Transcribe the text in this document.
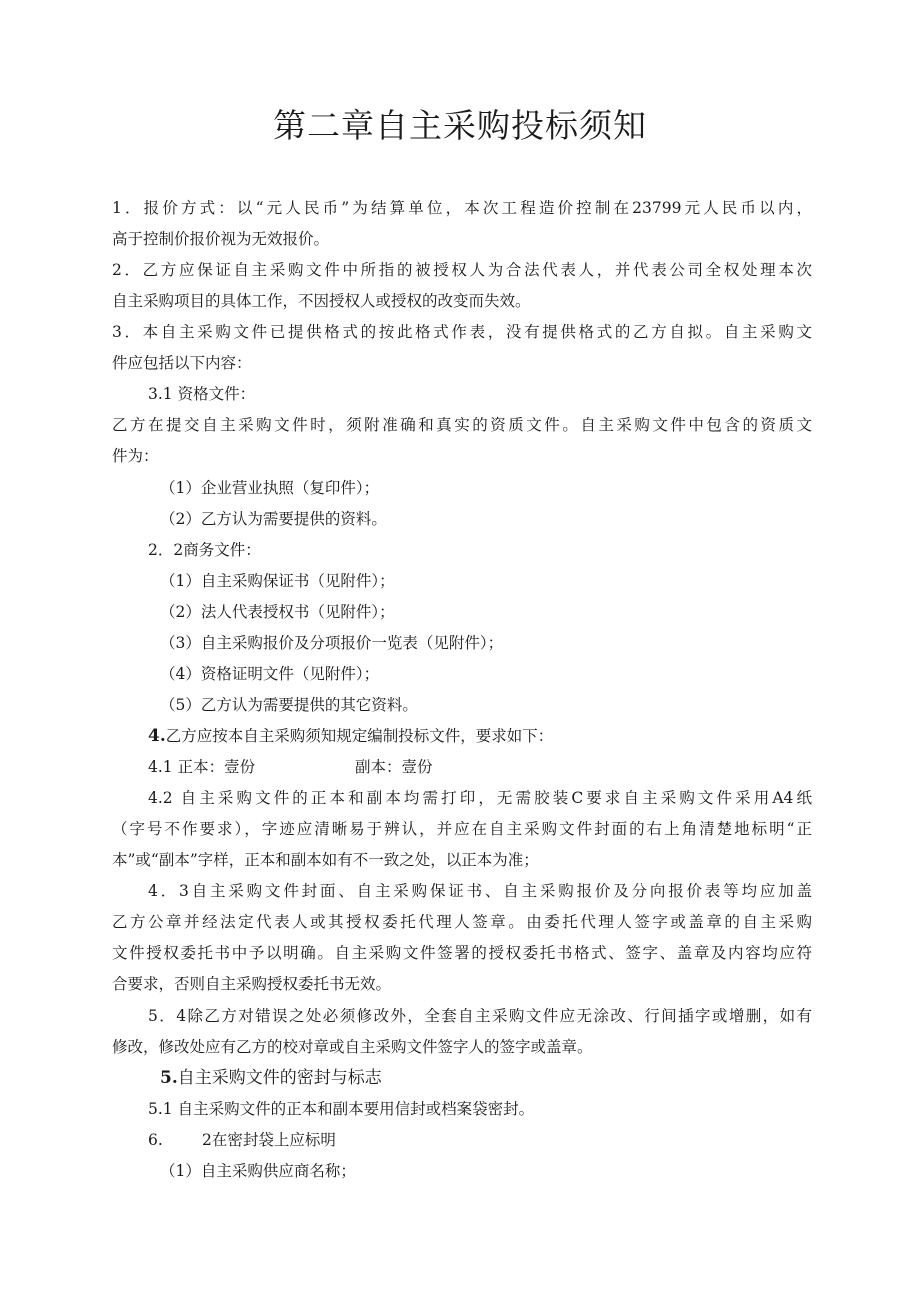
第二章自主采购投标须知
1．报价方式：以“元人民币”为结算单位，本次工程造价控制在23799元人民币以内，
高于控制价报价视为无效报价。
2．乙方应保证自主采购文件中所指的被授权人为合法代表人，并代表公司全权处理本次
自主采购项目的具体工作，不因授权人或授权的改变而失效。
3．本自主采购文件已提供格式的按此格式作表，没有提供格式的乙方自拟。自主采购文
件应包括以下内容：
3.1 资格文件：
乙方在提交自主采购文件时，须附准确和真实的资质文件。自主采购文件中包含的资质文
件为：
（1）企业营业执照（复印件）；
（2）乙方认为需要提供的资料。
2．2商务文件：
（1）自主采购保证书（见附件）；
（2）法人代表授权书（见附件）；
（3）自主采购报价及分项报价一览表（见附件）；
（4）资格证明文件（见附件）；
（5）乙方认为需要提供的其它资料。
4.乙方应按本自主采购须知规定编制投标文件，要求如下：
4.1 正本：壹份	副本：壹份
4.2 自主采购文件的正本和副本均需打印，无需胶装C要求自主采购文件采用A4纸
（字号不作要求），字迹应清晰易于辨认，并应在自主采购文件封面的右上角清楚地标明“正
本”或“副本”字样，正本和副本如有不一致之处，以正本为准；
4．3自主采购文件封面、自主采购保证书、自主采购报价及分向报价表等均应加盖
乙方公章并经法定代表人或其授权委托代理人签章。由委托代理人签字或盖章的自主采购
文件授权委托书中予以明确。自主采购文件签署的授权委托书格式、签字、盖章及内容均应符
合要求，否则自主采购授权委托书无效。
5．4除乙方对错误之处必须修改外，全套自主采购文件应无涂改、行间插字或增删，如有
修改，修改处应有乙方的校对章或自主采购文件签字人的签字或盖章。
5.自主采购文件的密封与标志
5.1 自主采购文件的正本和副本要用信封或档案袋密封。
6.	2在密封袋上应标明
（1）自主采购供应商名称；
